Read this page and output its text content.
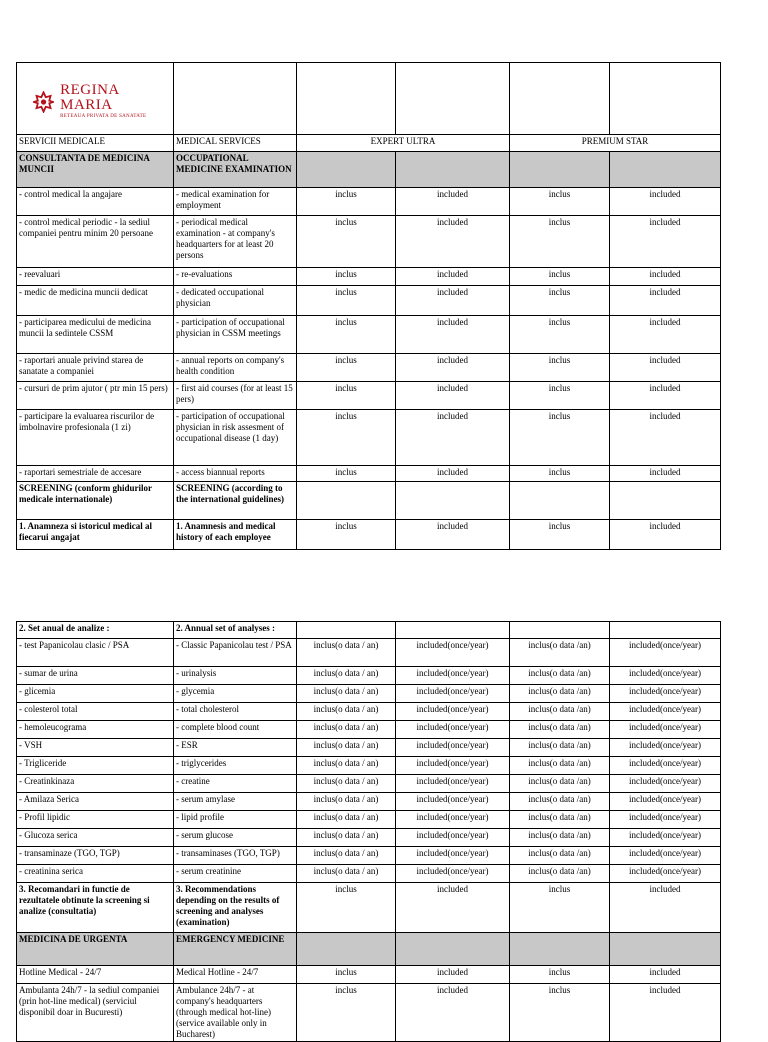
REGINA MARIA
RETEAUA PRIVATA DE SANATATE					

SERVICII MEDICALE	MEDICAL SERVICES	EXPERT ULTRA		PREMIUM STAR	
CONSULTANTA DE MEDICINA MUNCII	OCCUPATIONAL MEDICINE EXAMINATION				
- control medical la angajare	- medical examination for employment	inclus	included	inclus	included
- control medical periodic - la sediul companiei pentru minim 20 persoane	- periodical medical examination - at company's headquarters for at least 20 persons	inclus	included	inclus	included
- reevaluari	- re-evaluations	inclus	included	inclus	included
- medic de medicina muncii dedicat	- dedicated occupational physician	inclus	included	inclus	included
- participarea medicului de medicina muncii la sedintele CSSM	- participation of occupational physician in CSSM meetings	inclus	included	inclus	included
- raportari anuale privind starea de sanatate a companiei	- annual reports on company's health condition	inclus	included	inclus	included
- cursuri de prim ajutor ( ptr min 15 pers)	- first aid courses (for at least 15 pers)	inclus	included	inclus	included
- participare la evaluarea riscurilor de imbolnavire profesionala (1 zi)	- participation of occupational physician in risk assesment of occupational disease (1 day)	inclus	included	inclus	included
- raportari semestriale de accesare	- access biannual reports	inclus	included	inclus	included
SCREENING (conform ghidurilor medicale internationale)	SCREENING (according to the international guidelines)				
1. Anamneza si istoricul medical al fiecarui angajat	1. Anamnesis and medical history of each employee	inclus	included	inclus	included
2. Set anual de analize :	2. Annual set of analyses :				
- test Papanicolau clasic / PSA	- Classic Papanicolau test / PSA	inclus(o data / an)	included(once/year)	inclus(o data /an)	included(once/year)
- sumar de urina	- urinalysis	inclus(o data / an)	included(once/year)	inclus(o data /an)	included(once/year)
- glicemia	- glycemia	inclus(o data / an)	included(once/year)	inclus(o data /an)	included(once/year)
- colesterol total	- total cholesterol	inclus(o data / an)	included(once/year)	inclus(o data /an)	included(once/year)
- hemoleucograma	- complete blood count	inclus(o data / an)	included(once/year)	inclus(o data /an)	included(once/year)
- VSH	- ESR	inclus(o data / an)	included(once/year)	inclus(o data /an)	included(once/year)
- Trigliceride	- triglycerides	inclus(o data / an)	included(once/year)	inclus(o data /an)	included(once/year)
- Creatinkinaza	- creatine	inclus(o data / an)	included(once/year)	inclus(o data /an)	included(once/year)
- Amilaza Serica	- serum amylase	inclus(o data / an)	included(once/year)	inclus(o data /an)	included(once/year)
- Profil lipidic	- lipid profile	inclus(o data / an)	included(once/year)	inclus(o data /an)	included(once/year)
- Glucoza serica	- serum glucose	inclus(o data / an)	included(once/year)	inclus(o data /an)	included(once/year)
- transaminaze (TGO, TGP)	- transaminases (TGO, TGP)	inclus(o data / an)	included(once/year)	inclus(o data /an)	included(once/year)
- creatinina serica	- serum creatinine	inclus(o data / an)	included(once/year)	inclus(o data /an)	included(once/year)
3. Recomandari in functie de rezultatele obtinute la screening si analize (consultatia)	3. Recommendations depending on the results of screening and analyses (examination)	inclus	included	inclus	included
MEDICINA DE URGENTA	EMERGENCY MEDICINE				
Hotline Medical - 24/7	Medical Hotline - 24/7	inclus	included	inclus	included
Ambulanta 24h/7 - la sediul companiei (prin hot-line medical) (serviciul disponibil doar in Bucuresti)	Ambulance 24h/7 - at company's headquarters (through medical hot-line) (service available only in Bucharest)	inclus	included	inclus	included
